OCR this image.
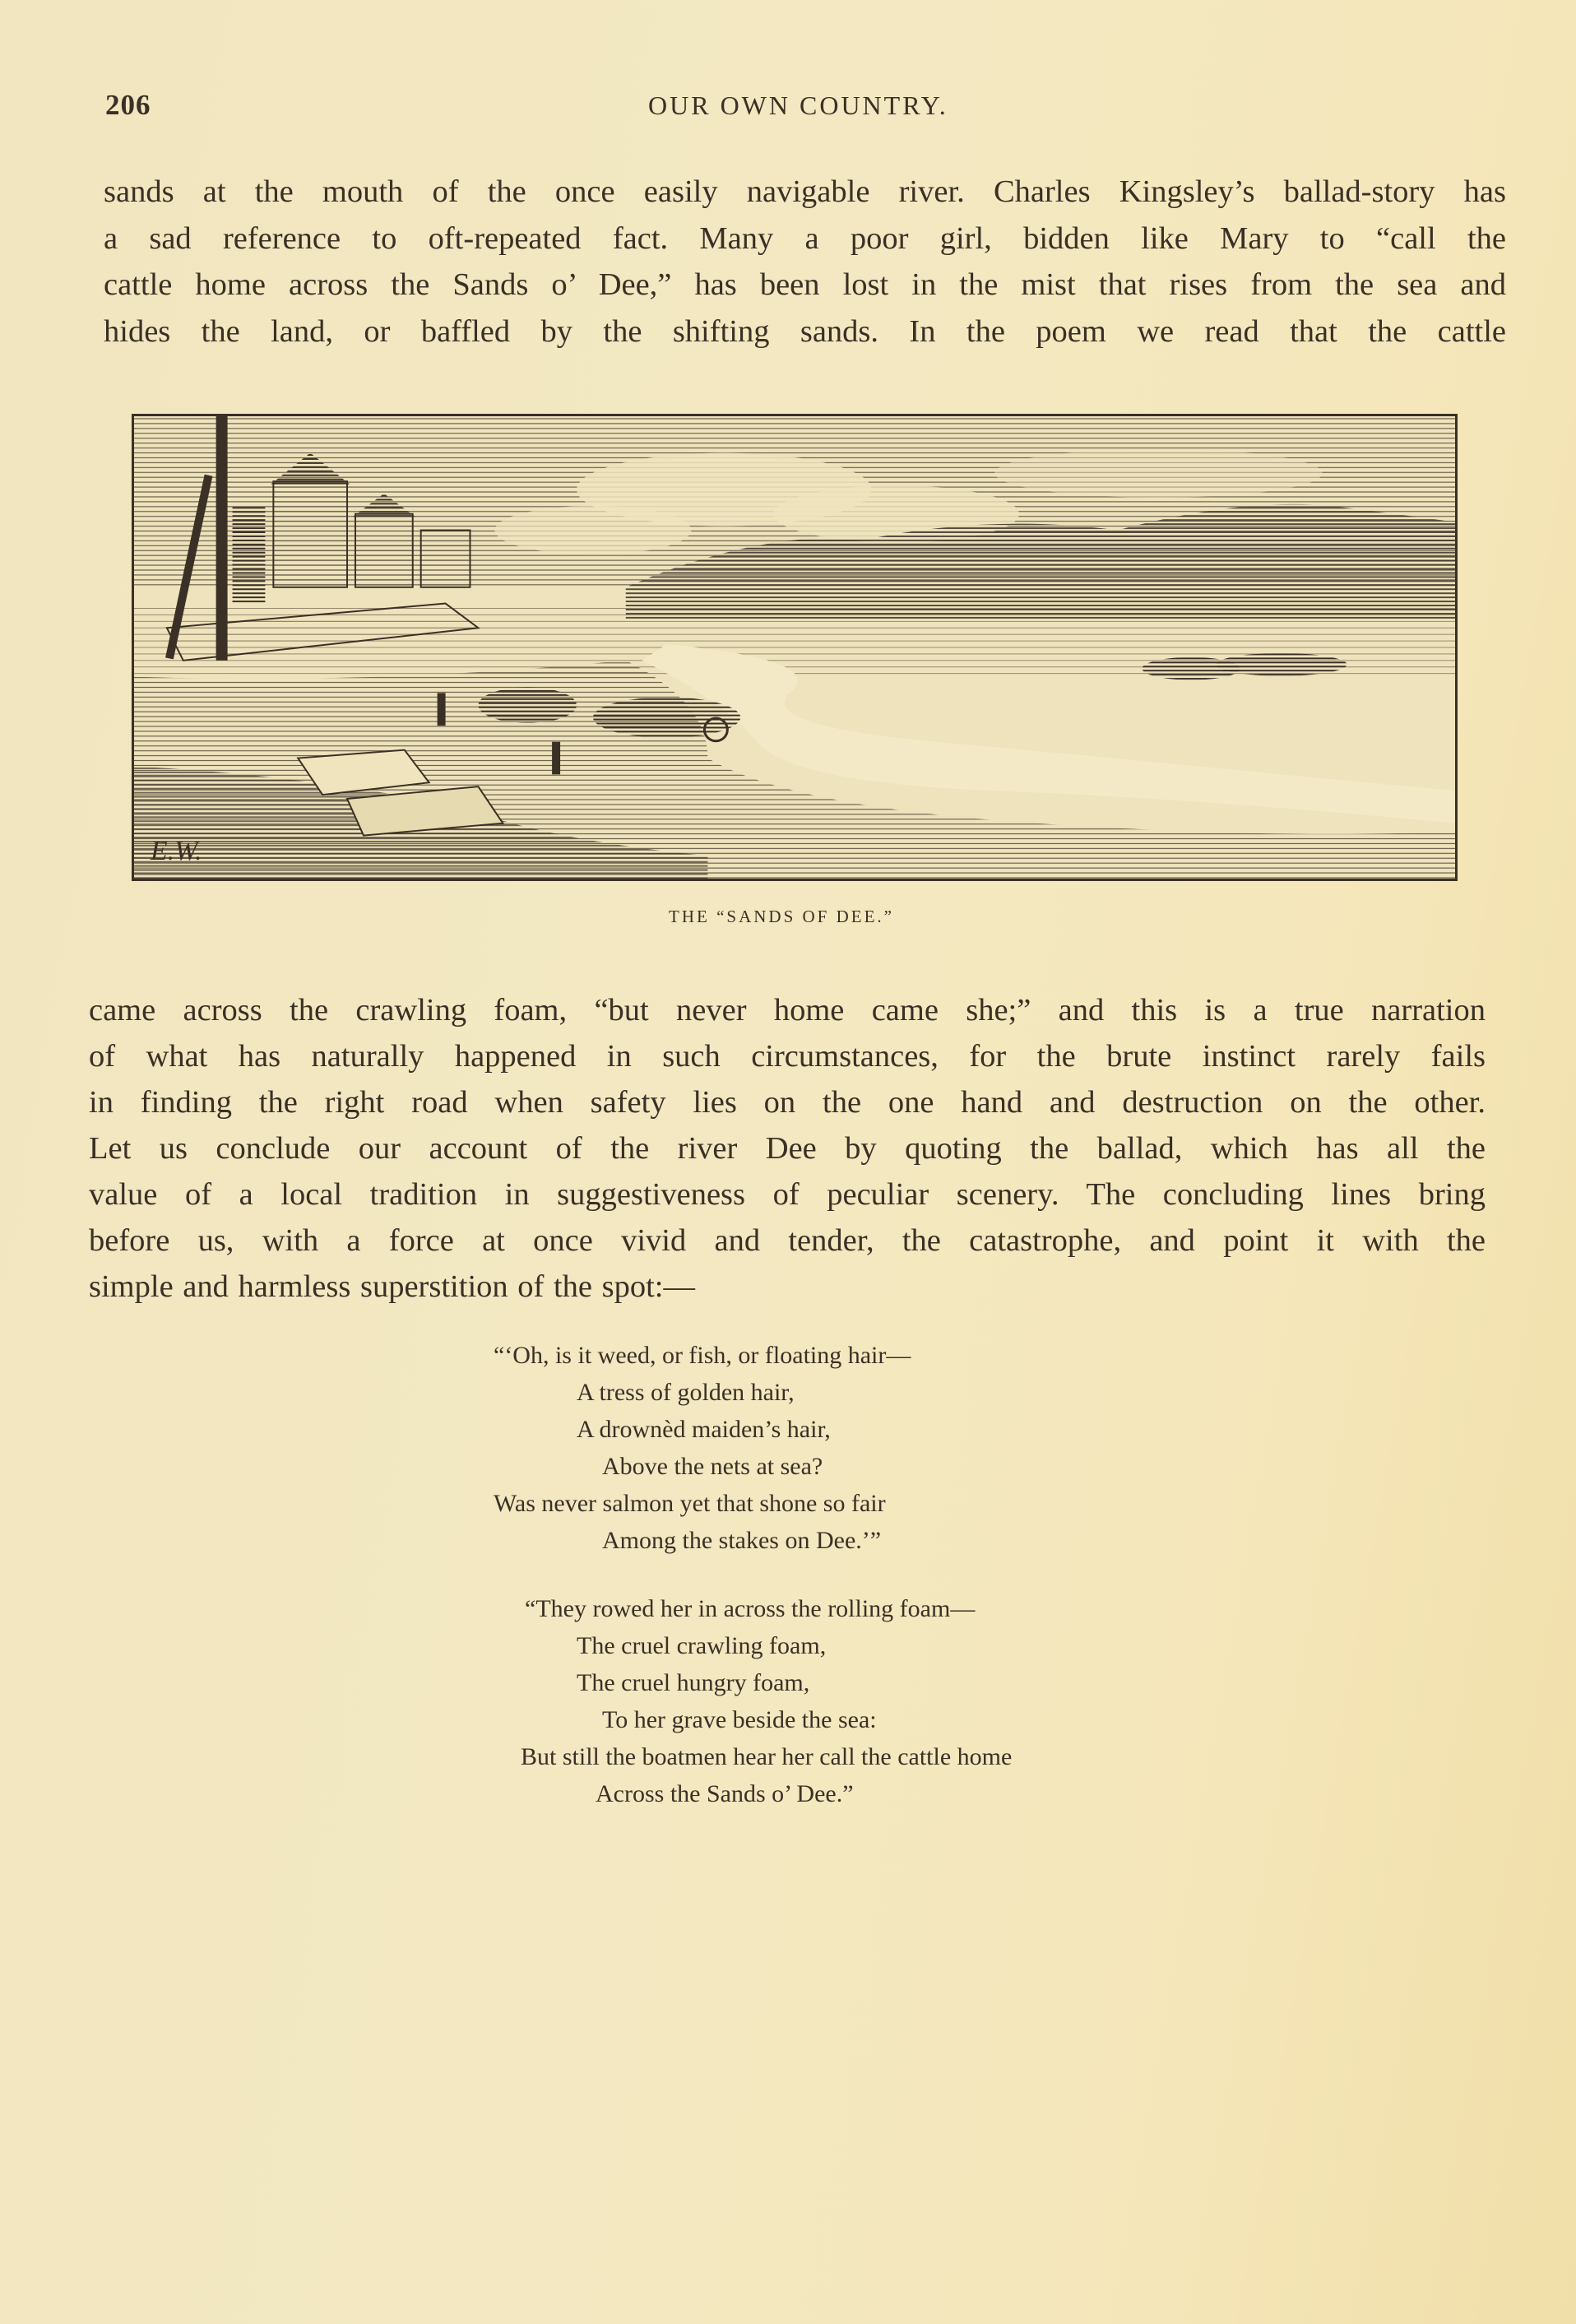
206	OUR OWN COUNTRY.

sands at the mouth of the once easily navigable river. Charles Kingsley’s ballad-story has

a sad reference to oft-repeated fact. Many a poor girl, bidden like Mary to “call the

cattle home across the Sands o’ Dee,” has been lost in the mist that rises from the sea and

hides the land, or baffled by the shifting sands. In the poem we read that the cattle

E.W.
THE “SANDS OF DEE.”

came across the crawling foam, “but never home came she;” and this is a true narration

of what has naturally happened in such circumstances, for the brute instinct rarely fails

in finding the right road when safety lies on the one hand and destruction on the other.

Let us conclude our account of the river Dee by quoting the ballad, which has all the

value of a local tradition in suggestiveness of peculiar scenery. The concluding lines bring

before us, with a force at once vivid and tender, the catastrophe, and point it with the

simple and harmless superstition of the spot:—

“‘Oh, is it weed, or fish, or floating hair—
A tress of golden hair,
A drownèd maiden’s hair,
Above the nets at sea?
Was never salmon yet that shone so fair
Among the stakes on Dee.’”
“They rowed her in across the rolling foam—
The cruel crawling foam,
The cruel hungry foam,
To her grave beside the sea:
But still the boatmen hear her call the cattle home
Across the Sands o’ Dee.”
